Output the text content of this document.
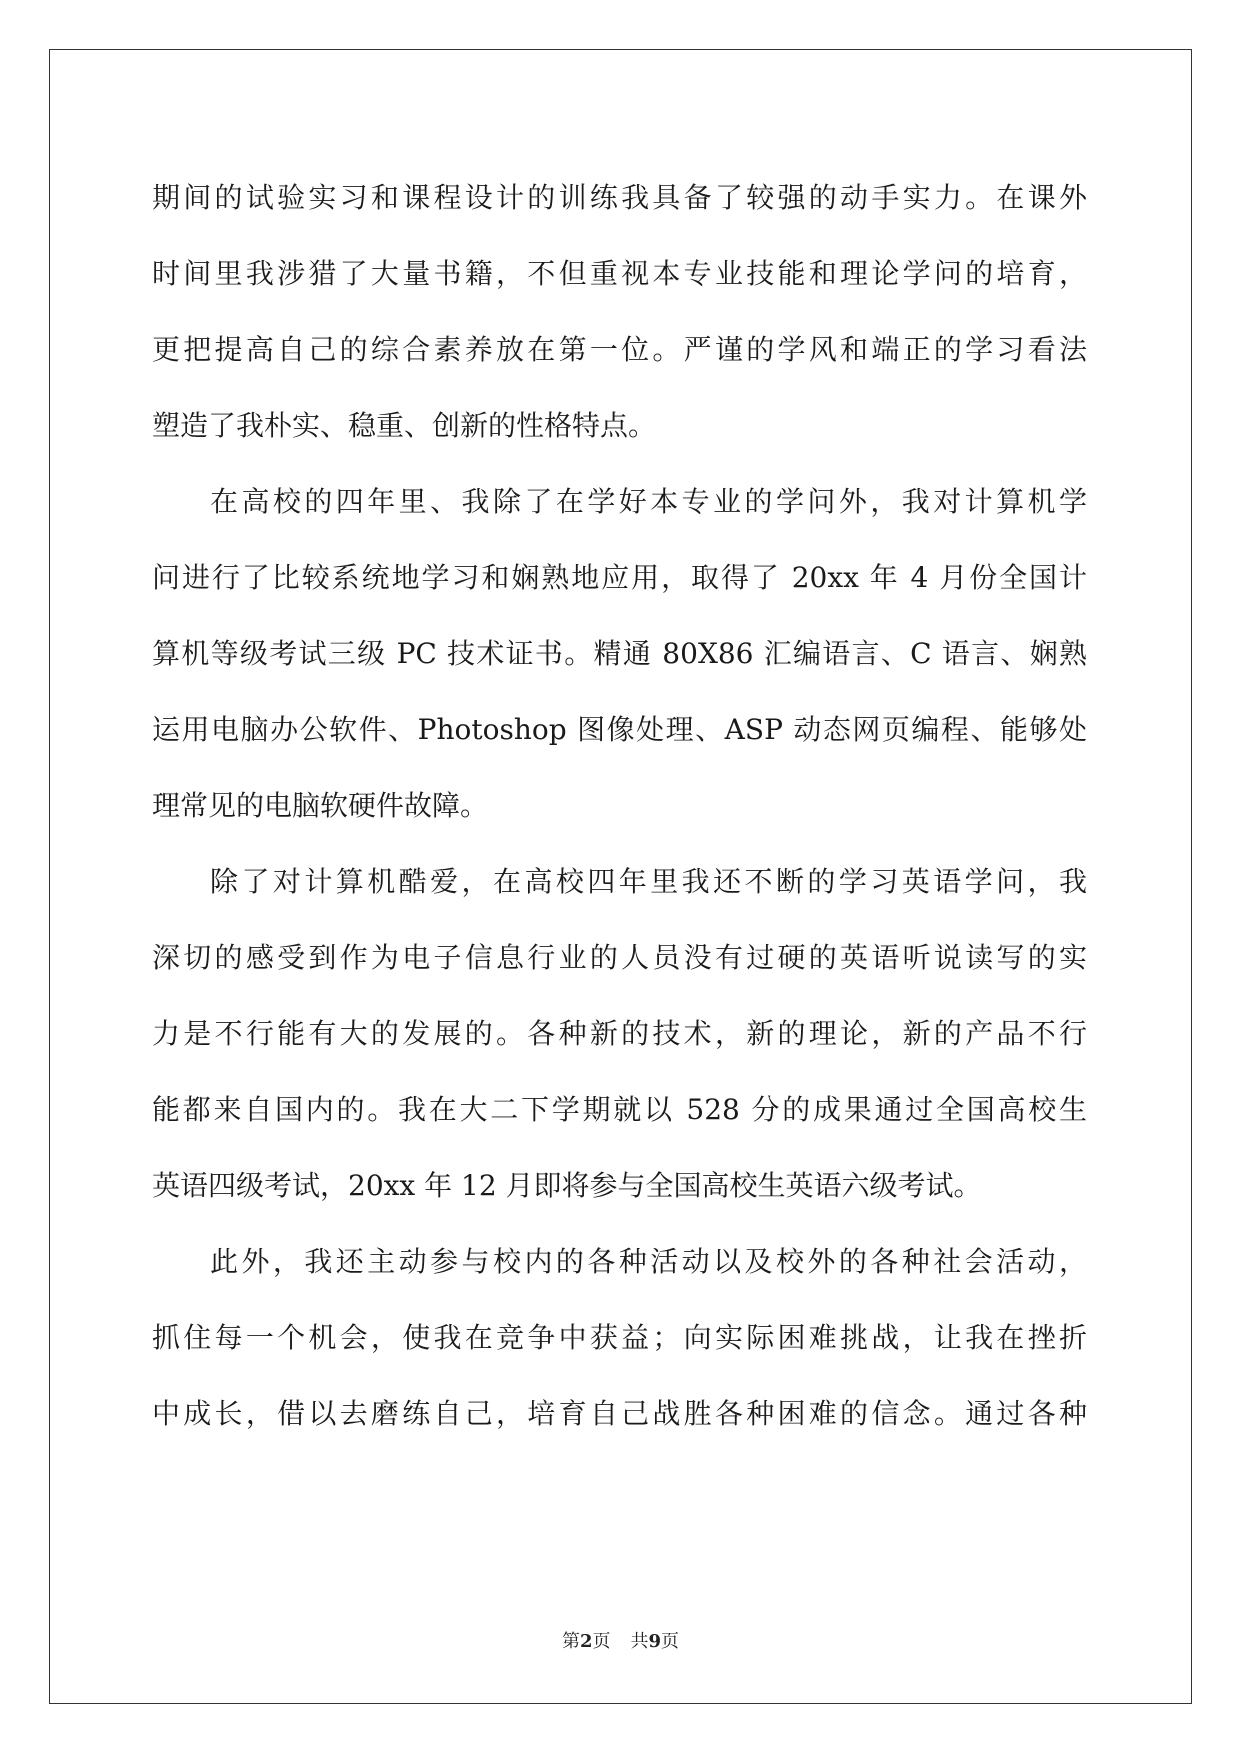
期间的试验实习和课程设计的训练我具备了较强的动手实力。在课外
时间里我涉猎了大量书籍，不但重视本专业技能和理论学问的培育，
更把提高自己的综合素养放在第一位。严谨的学风和端正的学习看法
塑造了我朴实、稳重、创新的性格特点。
在高校的四年里、我除了在学好本专业的学问外，我对计算机学
问进行了比较系统地学习和娴熟地应用，取得了 20xx 年 4 月份全国计
算机等级考试三级 PC 技术证书。精通 80X86 汇编语言、C 语言、娴熟
运用电脑办公软件、Photoshop 图像处理、ASP 动态网页编程、能够处
理常见的电脑软硬件故障。
除了对计算机酷爱，在高校四年里我还不断的学习英语学问，我
深切的感受到作为电子信息行业的人员没有过硬的英语听说读写的实
力是不行能有大的发展的。各种新的技术，新的理论，新的产品不行
能都来自国内的。我在大二下学期就以 528 分的成果通过全国高校生
英语四级考试，20xx 年 12 月即将参与全国高校生英语六级考试。
此外，我还主动参与校内的各种活动以及校外的各种社会活动，
抓住每一个机会，使我在竞争中获益；向实际困难挑战，让我在挫折
中成长，借以去磨练自己，培育自己战胜各种困难的信念。通过各种
第2页 共9页
